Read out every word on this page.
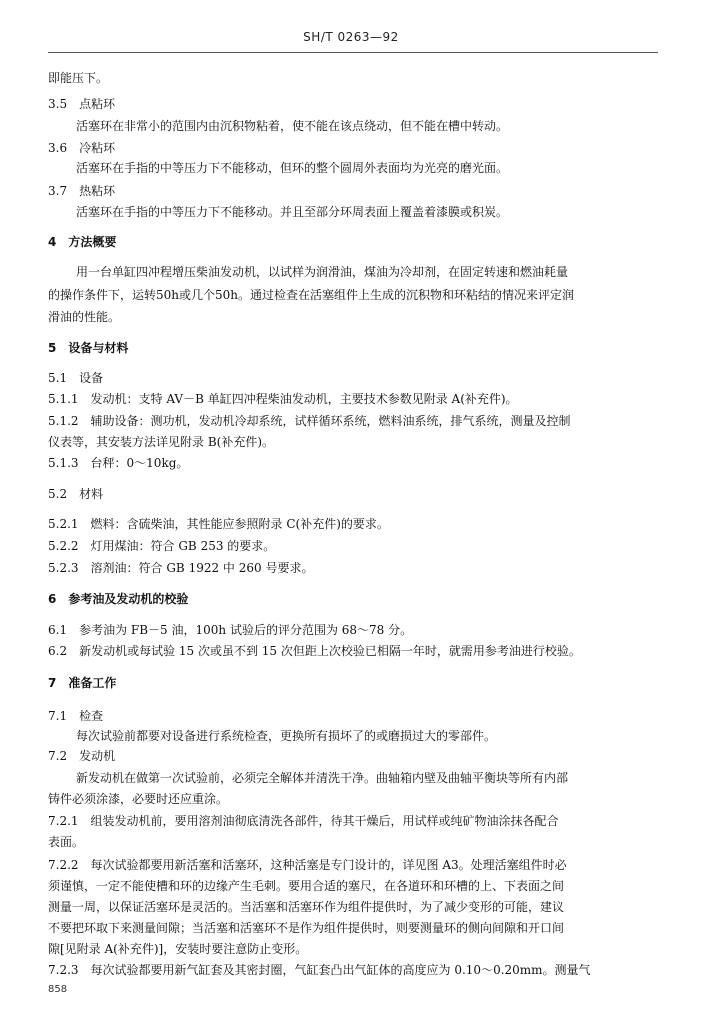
SH/T 0263—92
即能压下。
3.5　点粘环
活塞环在非常小的范围内由沉积物粘着，使不能在该点绕动，但不能在槽中转动。
3.6　冷粘环
活塞环在手指的中等压力下不能移动，但环的整个圆周外表面均为光亮的磨光面。
3.7　热粘环
活塞环在手指的中等压力下不能移动。并且至部分环周表面上覆盖着漆膜或积炭。
4　方法概要
用一台单缸四冲程增压柴油发动机，以试样为润滑油，煤油为冷却剂，在固定转速和燃油耗量
的操作条件下，运转50h或几个50h。通过检查在活塞组件上生成的沉积物和环粘结的情况来评定润
滑油的性能。
5　设备与材料
5.1　设备
5.1.1　发动机：支特 AV－B 单缸四冲程柴油发动机，主要技术参数见附录 A(补充件)。
5.1.2　辅助设备：测功机，发动机冷却系统，试样循环系统，燃料油系统，排气系统，测量及控制
仪表等，其安装方法详见附录 B(补充件)。
5.1.3　台秤：0～10kg。
5.2　材料
5.2.1　燃料：含硫柴油，其性能应参照附录 C(补充件)的要求。
5.2.2　灯用煤油：符合 GB 253 的要求。
5.2.3　溶剂油：符合 GB 1922 中 260 号要求。
6　参考油及发动机的校验
6.1　参考油为 FB－5 油，100h 试验后的评分范围为 68～78 分。
6.2　新发动机或每试验 15 次或虽不到 15 次但距上次校验已相隔一年时，就需用参考油进行校验。
7　准备工作
7.1　检查
每次试验前都要对设备进行系统检查，更换所有损坏了的或磨损过大的零部件。
7.2　发动机
新发动机在做第一次试验前，必须完全解体并清洗干净。曲轴箱内壁及曲轴平衡块等所有内部
铸件必须涂漆，必要时还应重涂。
7.2.1　组装发动机前，要用溶剂油彻底清洗各部件，待其干燥后，用试样或纯矿物油涂抹各配合
表面。
7.2.2　每次试验都要用新活塞和活塞环，这种活塞是专门设计的，详见图 A3。处理活塞组件时必
须谨慎，一定不能使槽和环的边缘产生毛刺。要用合适的塞尺，在各道环和环槽的上、下表面之间
测量一周，以保证活塞环是灵活的。当活塞和活塞环作为组件提供时，为了减少变形的可能，建议
不要把环取下来测量间隙；当活塞和活塞环不是作为组件提供时，则要测量环的侧向间隙和开口间
隙[见附录 A(补充件)]，安装时要注意防止变形。
7.2.3　每次试验都要用新气缸套及其密封圈，气缸套凸出气缸体的高度应为 0.10～0.20mm。测量气
858
